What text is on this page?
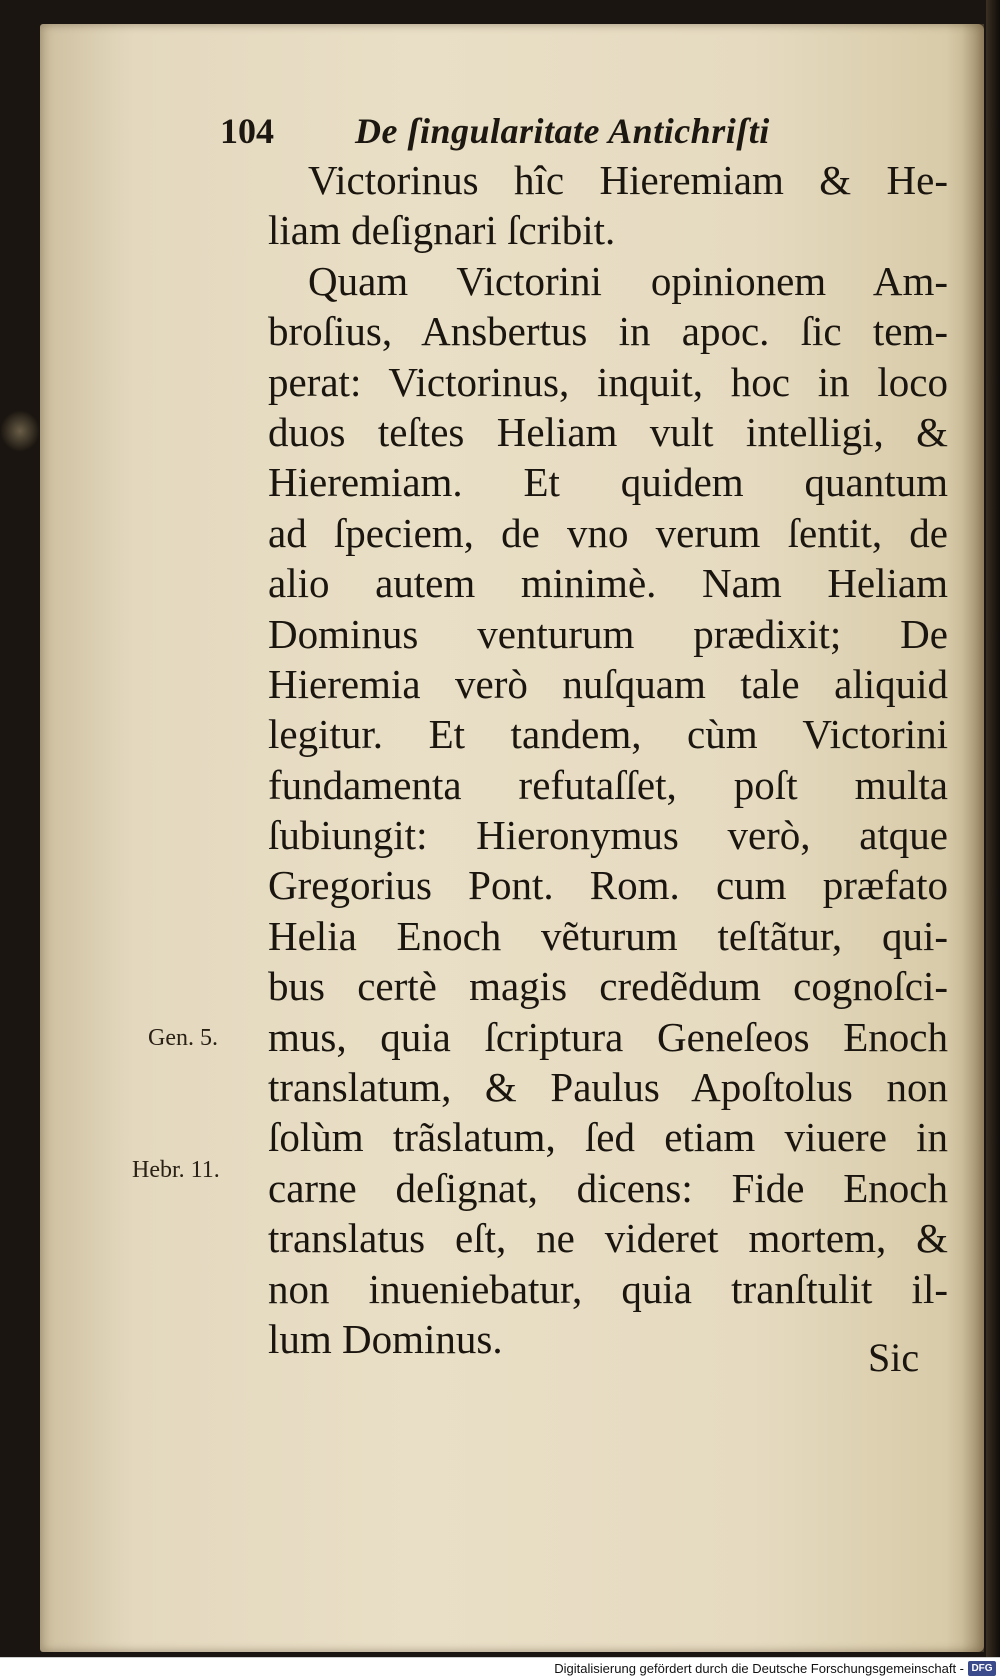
104 De ſingularitate Antichriſti
Victorinus hîc Hieremiam & He-
liam deſignari ſcribit.
Quam Victorini opinionem Am-
broſius, Ansbertus in apoc. ſic tem-
perat: Victorinus, inquit, hoc in loco
duos teſtes Heliam vult intelligi, &
Hieremiam. Et quidem quantum
ad ſpeciem, de vno verum ſentit, de
alio autem minimè. Nam Heliam
Dominus venturum prædixit; De
Hieremia verò nuſquam tale aliquid
legitur. Et tandem, cùm Victorini
fundamenta refutaſſet, poſt multa
ſubiungit: Hieronymus verò, atque
Gregorius Pont. Rom. cum præfato
Helia Enoch vẽturum teſtãtur, qui-
bus certè magis credẽdum cognoſci-
mus, quia ſcriptura Geneſeos Enoch
translatum, & Paulus Apoſtolus non
ſolùm trãslatum, ſed etiam viuere in
carne deſignat, dicens: Fide Enoch
translatus eſt, ne videret mortem, &
non inueniebatur, quia tranſtulit il-
lum Dominus.
Gen. 5.
Hebr. 11.
Sic
Digitalisierung gefördert durch die Deutsche Forschungsgemeinschaft - DFG
